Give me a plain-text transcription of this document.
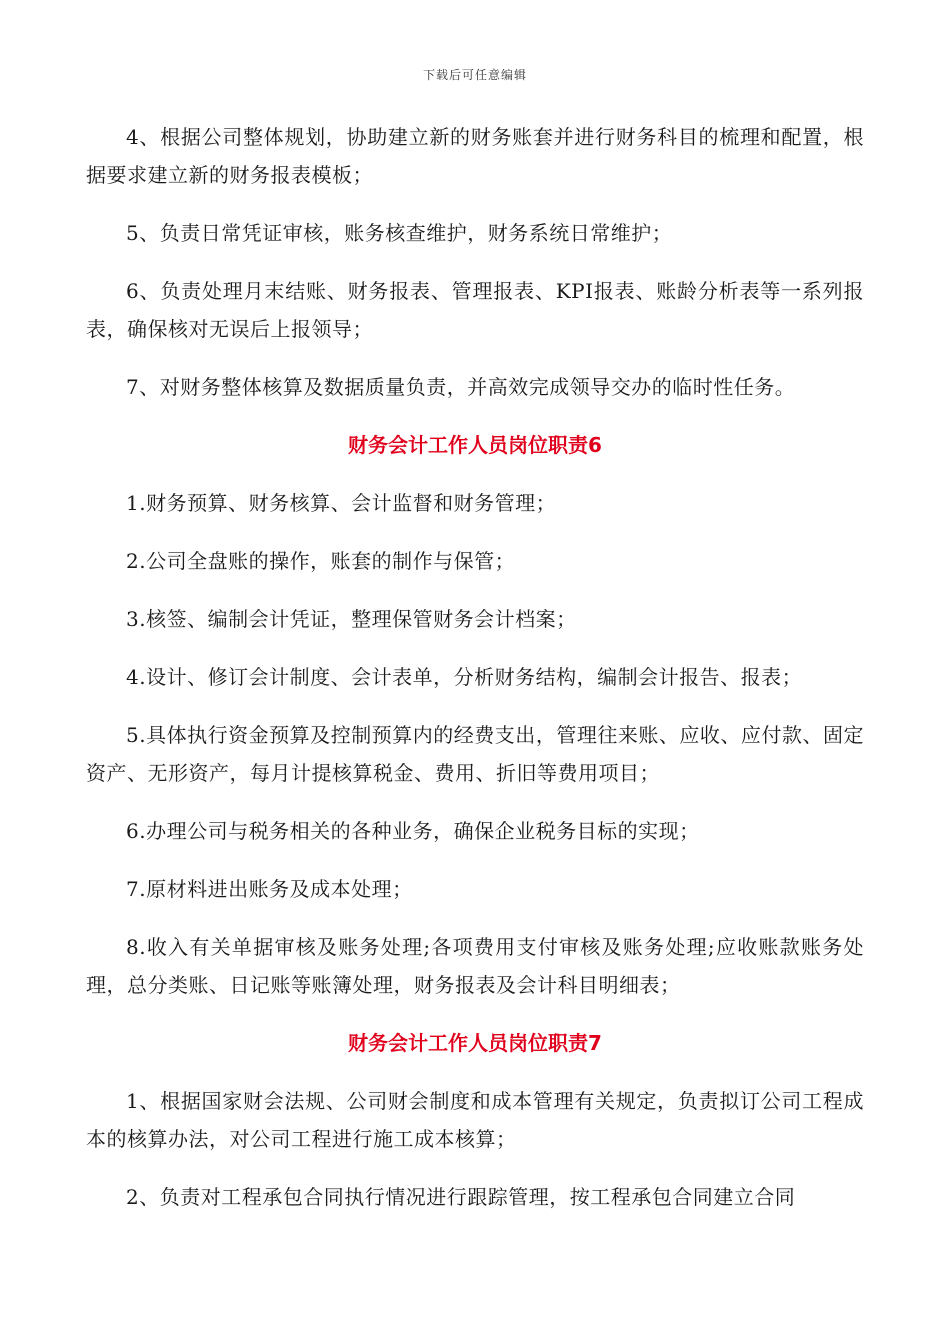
下载后可任意编辑

4、根据公司整体规划，协助建立新的财务账套并进行财务科目的梳理和配置，根据要求建立新的财务报表模板；

5、负责日常凭证审核，账务核查维护，财务系统日常维护；

6、负责处理月末结账、财务报表、管理报表、KPI报表、账龄分析表等一系列报表，确保核对无误后上报领导；

7、对财务整体核算及数据质量负责，并高效完成领导交办的临时性任务。

财务会计工作人员岗位职责6

1.财务预算、财务核算、会计监督和财务管理；

2.公司全盘账的操作，账套的制作与保管；

3.核签、编制会计凭证，整理保管财务会计档案；

4.设计、修订会计制度、会计表单，分析财务结构，编制会计报告、报表；

5.具体执行资金预算及控制预算内的经费支出，管理往来账、应收、应付款、固定资产、无形资产，每月计提核算税金、费用、折旧等费用项目；

6.办理公司与税务相关的各种业务，确保企业税务目标的实现；

7.原材料进出账务及成本处理；

8.收入有关单据审核及账务处理;各项费用支付审核及账务处理;应收账款账务处理，总分类账、日记账等账簿处理，财务报表及会计科目明细表；

财务会计工作人员岗位职责7

1、根据国家财会法规、公司财会制度和成本管理有关规定，负责拟订公司工程成本的核算办法，对公司工程进行施工成本核算；

2、负责对工程承包合同执行情况进行跟踪管理，按工程承包合同建立合同
